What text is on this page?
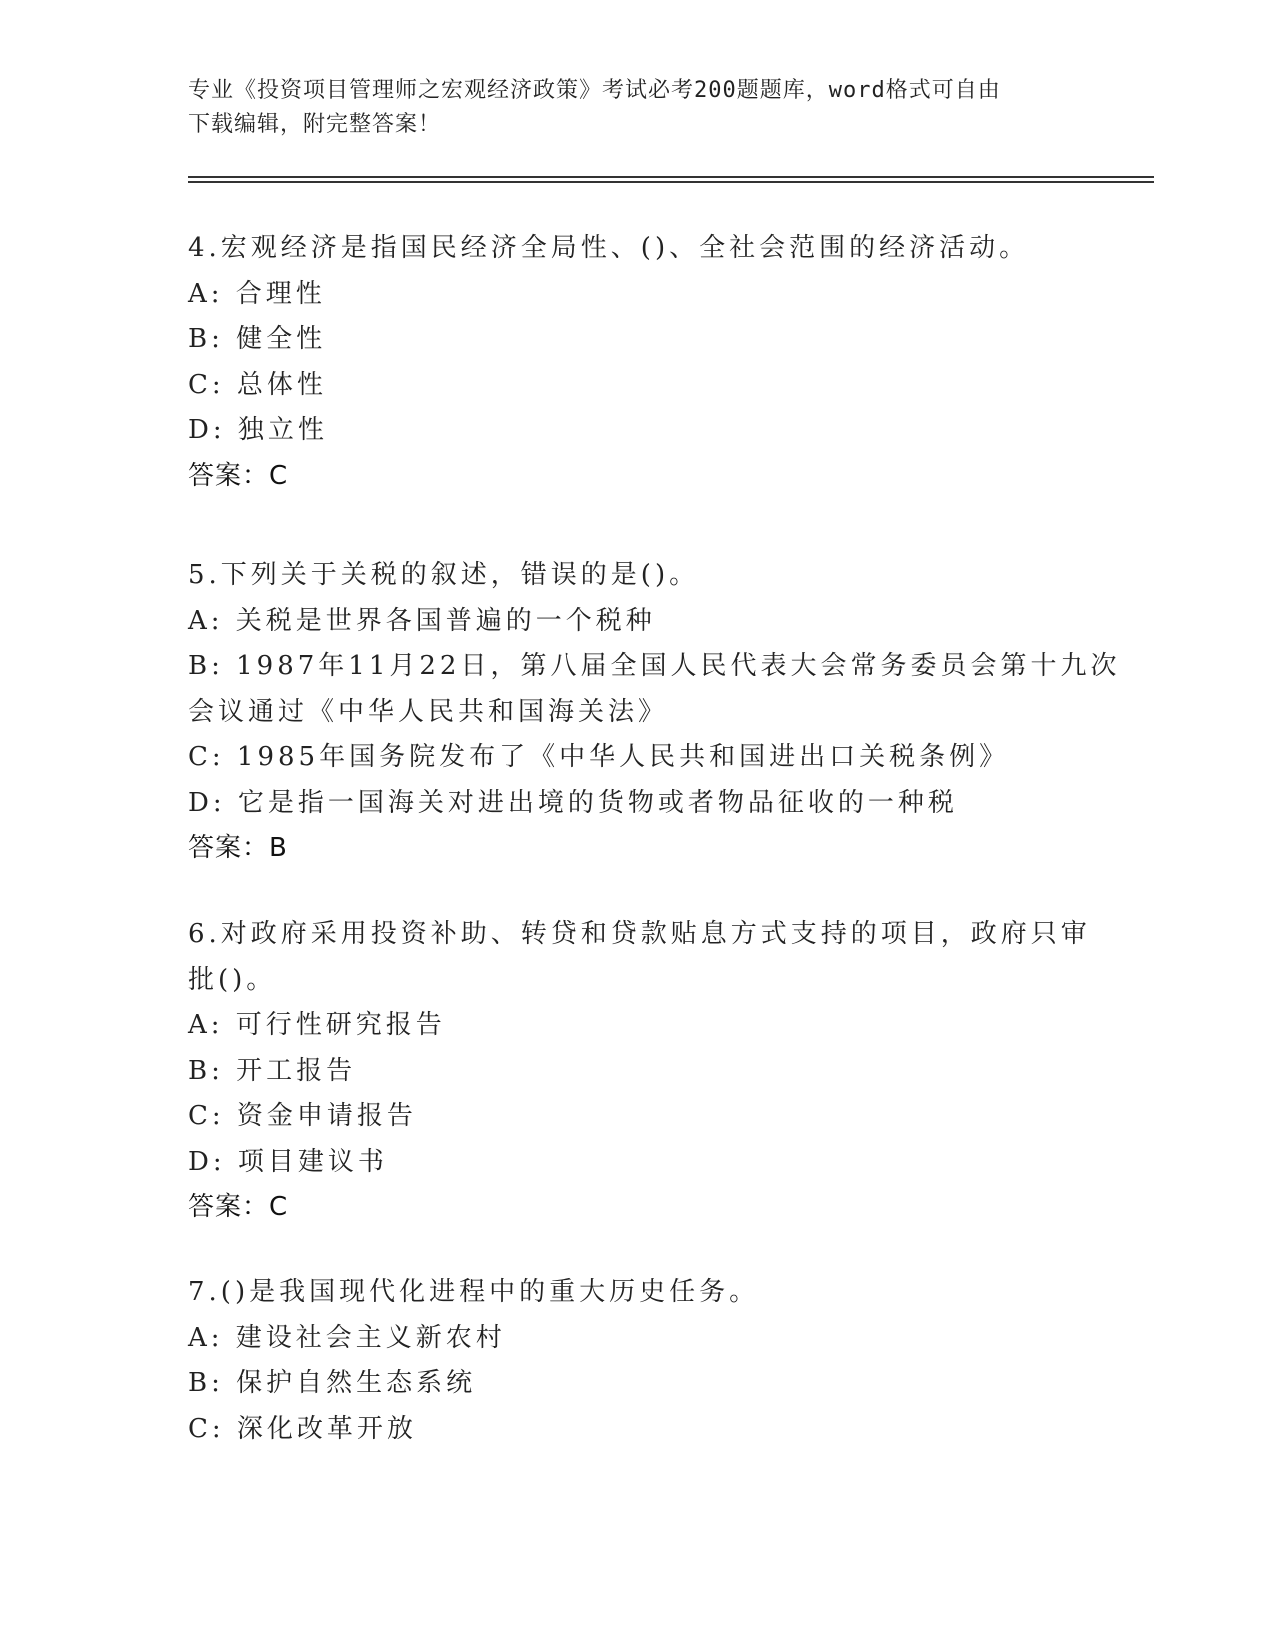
专业《投资项目管理师之宏观经济政策》考试必考200题题库，word格式可自由
下载编辑，附完整答案！
4.宏观经济是指国民经济全局性、()、全社会范围的经济活动。
A: 合理性
B: 健全性
C: 总体性
D: 独立性
答案：C
5.下列关于关税的叙述，错误的是()。
A: 关税是世界各国普遍的一个税种
B: 1987年11月22日，第八届全国人民代表大会常务委员会第十九次
会议通过《中华人民共和国海关法》
C: 1985年国务院发布了《中华人民共和国进出口关税条例》
D: 它是指一国海关对进出境的货物或者物品征收的一种税
答案：B
6.对政府采用投资补助、转贷和贷款贴息方式支持的项目，政府只审
批()。
A: 可行性研究报告
B: 开工报告
C: 资金申请报告
D: 项目建议书
答案：C
7.()是我国现代化进程中的重大历史任务。
A: 建设社会主义新农村
B: 保护自然生态系统
C: 深化改革开放
